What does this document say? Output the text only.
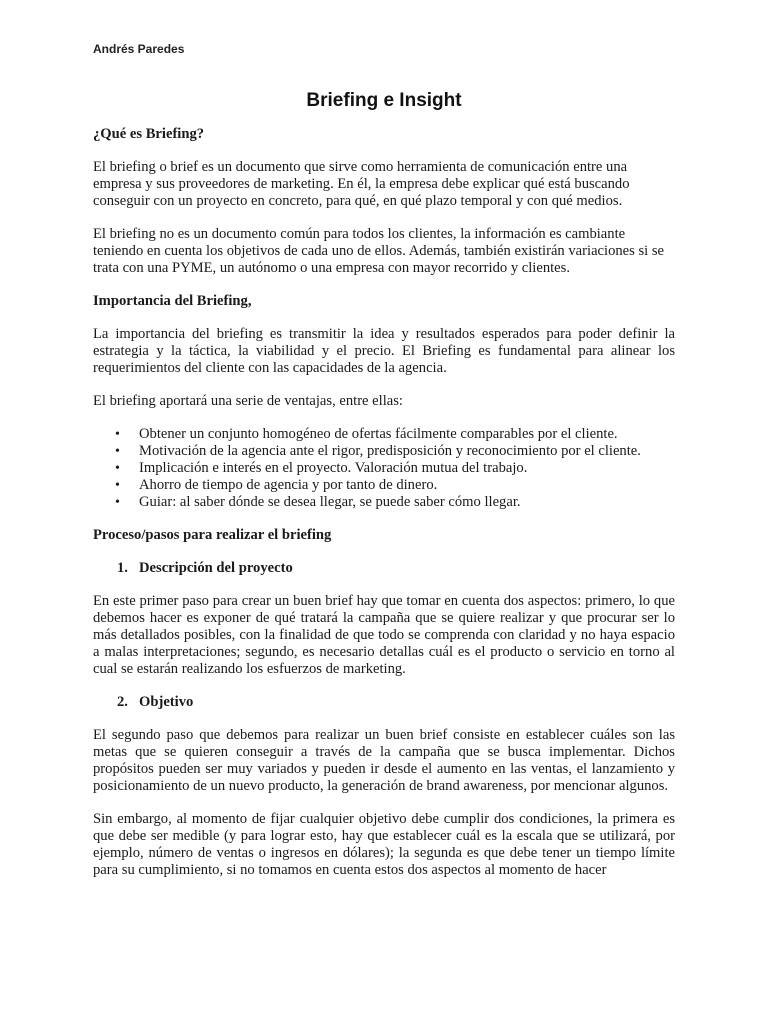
Andrés Paredes
Briefing e Insight
¿Qué es Briefing?

El briefing o brief es un documento que sirve como herramienta de comunicación entre una empresa y sus proveedores de marketing. En él, la empresa debe explicar qué está buscando conseguir con un proyecto en concreto, para qué, en qué plazo temporal y con qué medios.

El briefing no es un documento común para todos los clientes, la información es cambiante teniendo en cuenta los objetivos de cada uno de ellos. Además, también existirán variaciones si se trata con una PYME, un autónomo o una empresa con mayor recorrido y clientes.

Importancia del Briefing,

La importancia del briefing es transmitir la idea y resultados esperados para poder definir la estrategia y la táctica, la viabilidad y el precio. El Briefing es fundamental para alinear los requerimientos del cliente con las capacidades de la agencia.

El briefing aportará una serie de ventajas, entre ellas:

• Obtener un conjunto homogéneo de ofertas fácilmente comparables por el cliente.
• Motivación de la agencia ante el rigor, predisposición y reconocimiento por el cliente.
• Implicación e interés en el proyecto. Valoración mutua del trabajo.
• Ahorro de tiempo de agencia y por tanto de dinero.
• Guiar: al saber dónde se desea llegar, se puede saber cómo llegar.
Proceso/pasos para realizar el briefing
1. Descripción del proyecto

En este primer paso para crear un buen brief hay que tomar en cuenta dos aspectos: primero, lo que debemos hacer es exponer de qué tratará la campaña que se quiere realizar y que procurar ser lo más detallados posibles, con la finalidad de que todo se comprenda con claridad y no haya espacio a malas interpretaciones; segundo, es necesario detallas cuál es el producto o servicio en torno al cual se estarán realizando los esfuerzos de marketing.

2. Objetivo

El segundo paso que debemos para realizar un buen brief consiste en establecer cuáles son las metas que se quieren conseguir a través de la campaña que se busca implementar. Dichos propósitos pueden ser muy variados y pueden ir desde el aumento en las ventas, el lanzamiento y posicionamiento de un nuevo producto, la generación de brand awareness, por mencionar algunos.

Sin embargo, al momento de fijar cualquier objetivo debe cumplir dos condiciones, la primera es que debe ser medible (y para lograr esto, hay que establecer cuál es la escala que se utilizará, por ejemplo, número de ventas o ingresos en dólares); la segunda es que debe tener un tiempo límite para su cumplimiento, si no tomamos en cuenta estos dos aspectos al momento de hacer
